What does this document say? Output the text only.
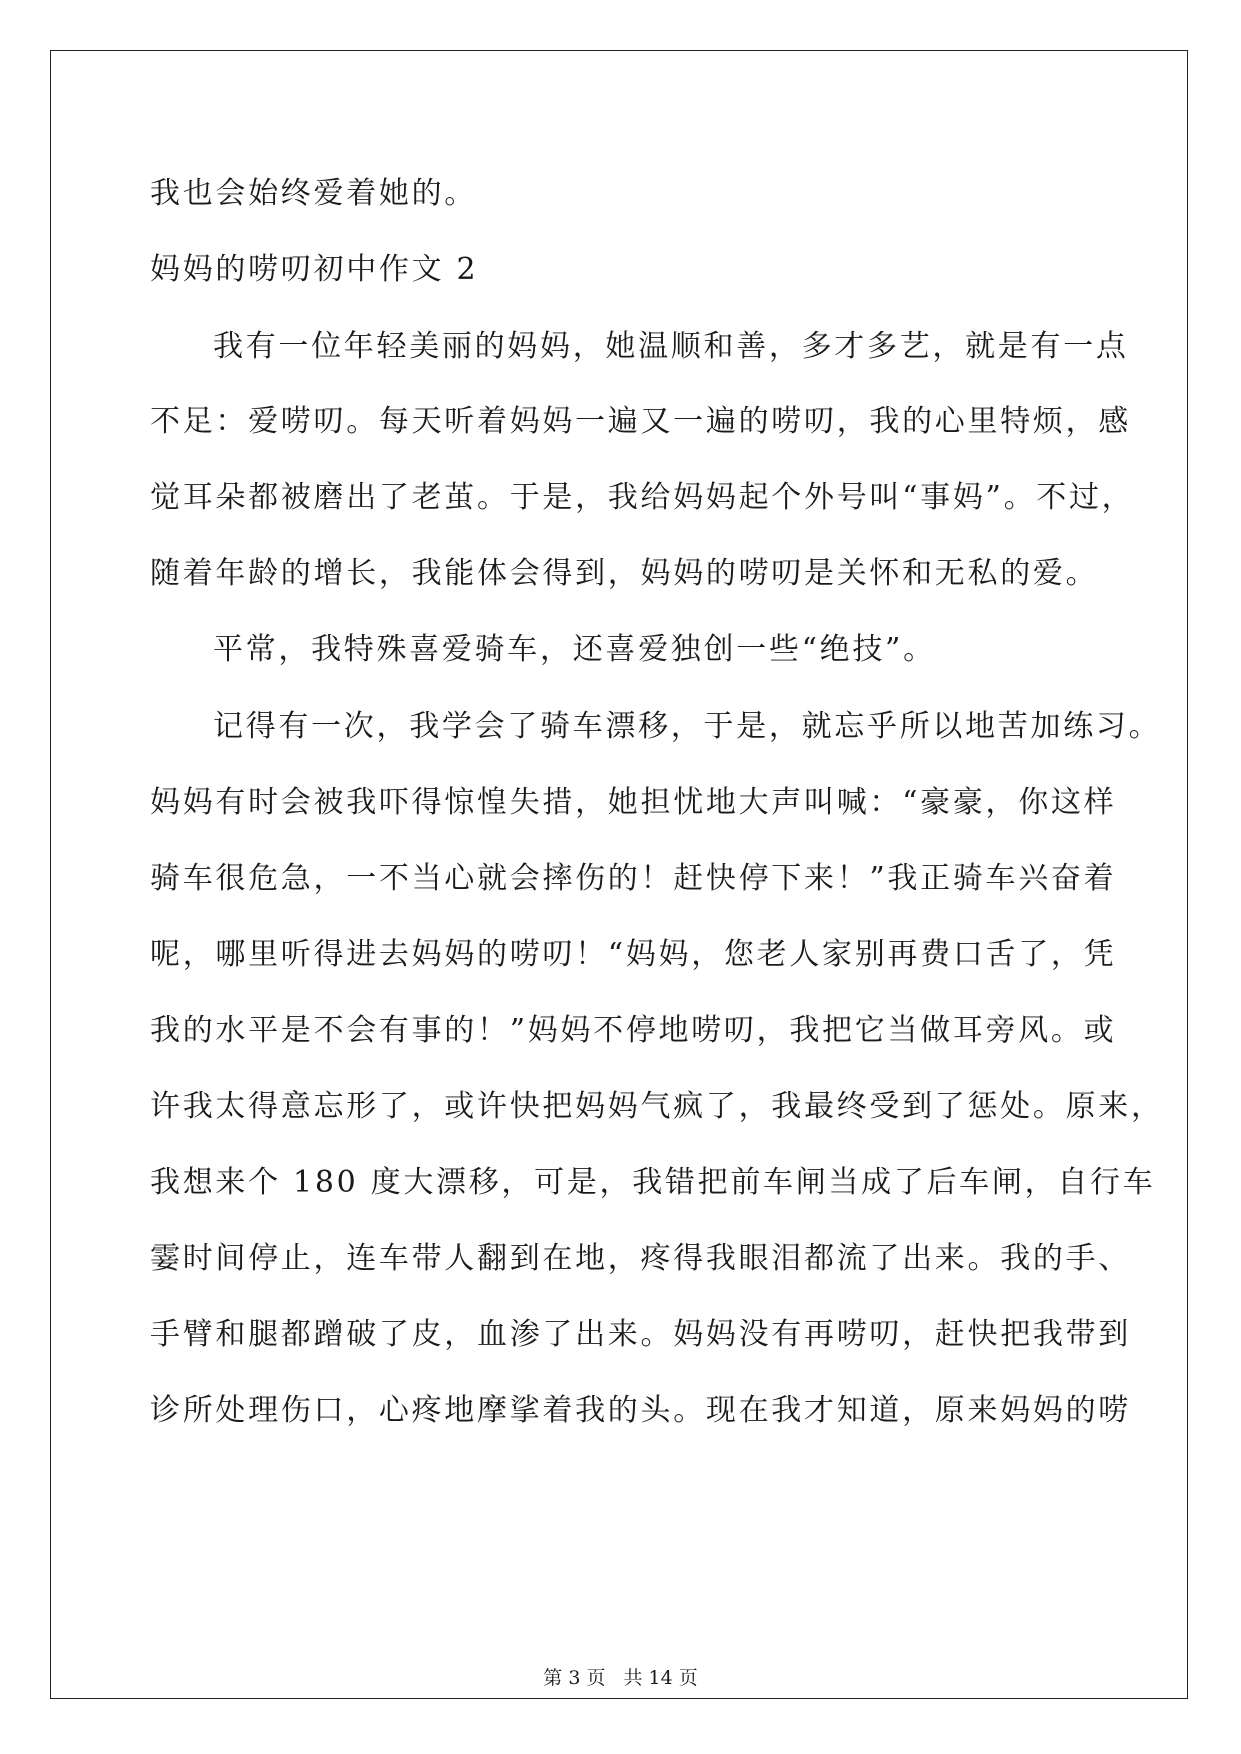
我也会始终爱着她的。
妈妈的唠叨初中作文 2
我有一位年轻美丽的妈妈，她温顺和善，多才多艺，就是有一点
不足：爱唠叨。每天听着妈妈一遍又一遍的唠叨，我的心里特烦，感
觉耳朵都被磨出了老茧。于是，我给妈妈起个外号叫“事妈”。不过，
随着年龄的增长，我能体会得到，妈妈的唠叨是关怀和无私的爱。
平常，我特殊喜爱骑车，还喜爱独创一些“绝技”。
记得有一次，我学会了骑车漂移，于是，就忘乎所以地苦加练习。
妈妈有时会被我吓得惊惶失措，她担忧地大声叫喊：“豪豪，你这样
骑车很危急，一不当心就会摔伤的！赶快停下来！”我正骑车兴奋着
呢，哪里听得进去妈妈的唠叨！“妈妈，您老人家别再费口舌了，凭
我的水平是不会有事的！”妈妈不停地唠叨，我把它当做耳旁风。或
许我太得意忘形了，或许快把妈妈气疯了，我最终受到了惩处。原来，
我想来个 180 度大漂移，可是，我错把前车闸当成了后车闸，自行车
霎时间停止，连车带人翻到在地，疼得我眼泪都流了出来。我的手、
手臂和腿都蹭破了皮，血渗了出来。妈妈没有再唠叨，赶快把我带到
诊所处理伤口，心疼地摩挲着我的头。现在我才知道，原来妈妈的唠
第 3 页 共 14 页
